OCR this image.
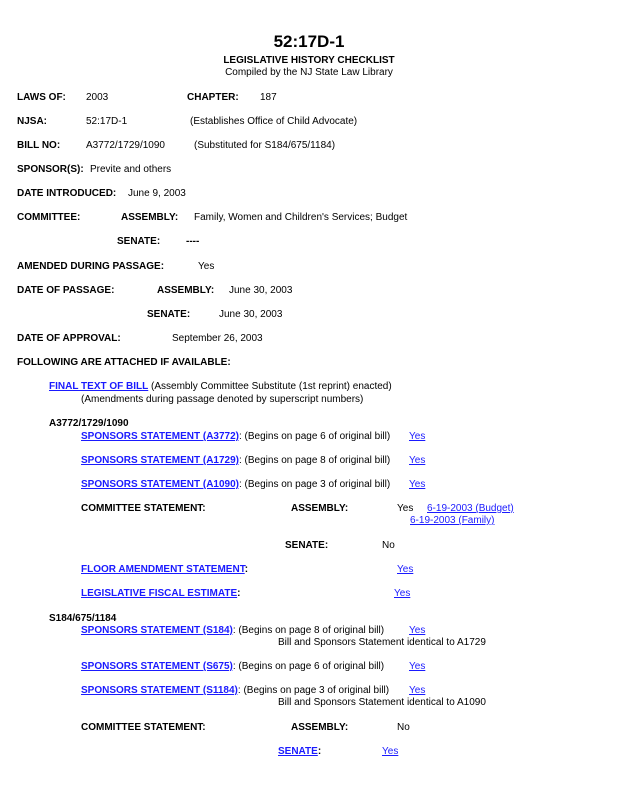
52:17D-1
LEGISLATIVE HISTORY CHECKLIST
Compiled by the NJ State Law Library
LAWS OF: 2003	CHAPTER: 187
NJSA:	52:17D-1	(Establishes Office of Child Advocate)
BILL NO:	A3772/1729/1090	(Substituted for S184/675/1184)
SPONSOR(S): Previte and others
DATE INTRODUCED: June 9, 2003
COMMITTEE:	ASSEMBLY: Family, Women and Children's Services; Budget
SENATE:	----
AMENDED DURING PASSAGE:	Yes
DATE OF PASSAGE:	ASSEMBLY: June 30, 2003
SENATE:	June 30, 2003
DATE OF APPROVAL:	September 26, 2003
FOLLOWING ARE ATTACHED IF AVAILABLE:
FINAL TEXT OF BILL (Assembly Committee Substitute (1st reprint) enacted)
(Amendments during passage denoted by superscript numbers)
A3772/1729/1090
SPONSORS STATEMENT (A3772): (Begins on page 6 of original bill) Yes
SPONSORS STATEMENT (A1729): (Begins on page 8 of original bill) Yes
SPONSORS STATEMENT (A1090): (Begins on page 3 of original bill) Yes
COMMITTEE STATEMENT:	ASSEMBLY:	Yes 6-19-2003 (Budget)
6-19-2003 (Family)
SENATE:	No
FLOOR AMENDMENT STATEMENT:	Yes
LEGISLATIVE FISCAL ESTIMATE:	Yes
S184/675/1184
SPONSORS STATEMENT (S184): (Begins on page 8 of original bill) Yes
Bill and Sponsors Statement identical to A1729
SPONSORS STATEMENT (S675): (Begins on page 6 of original bill) Yes
SPONSORS STATEMENT (S1184): (Begins on page 3 of original bill) Yes
Bill and Sponsors Statement identical to A1090
COMMITTEE STATEMENT:	ASSEMBLY:	No
SENATE:	Yes
